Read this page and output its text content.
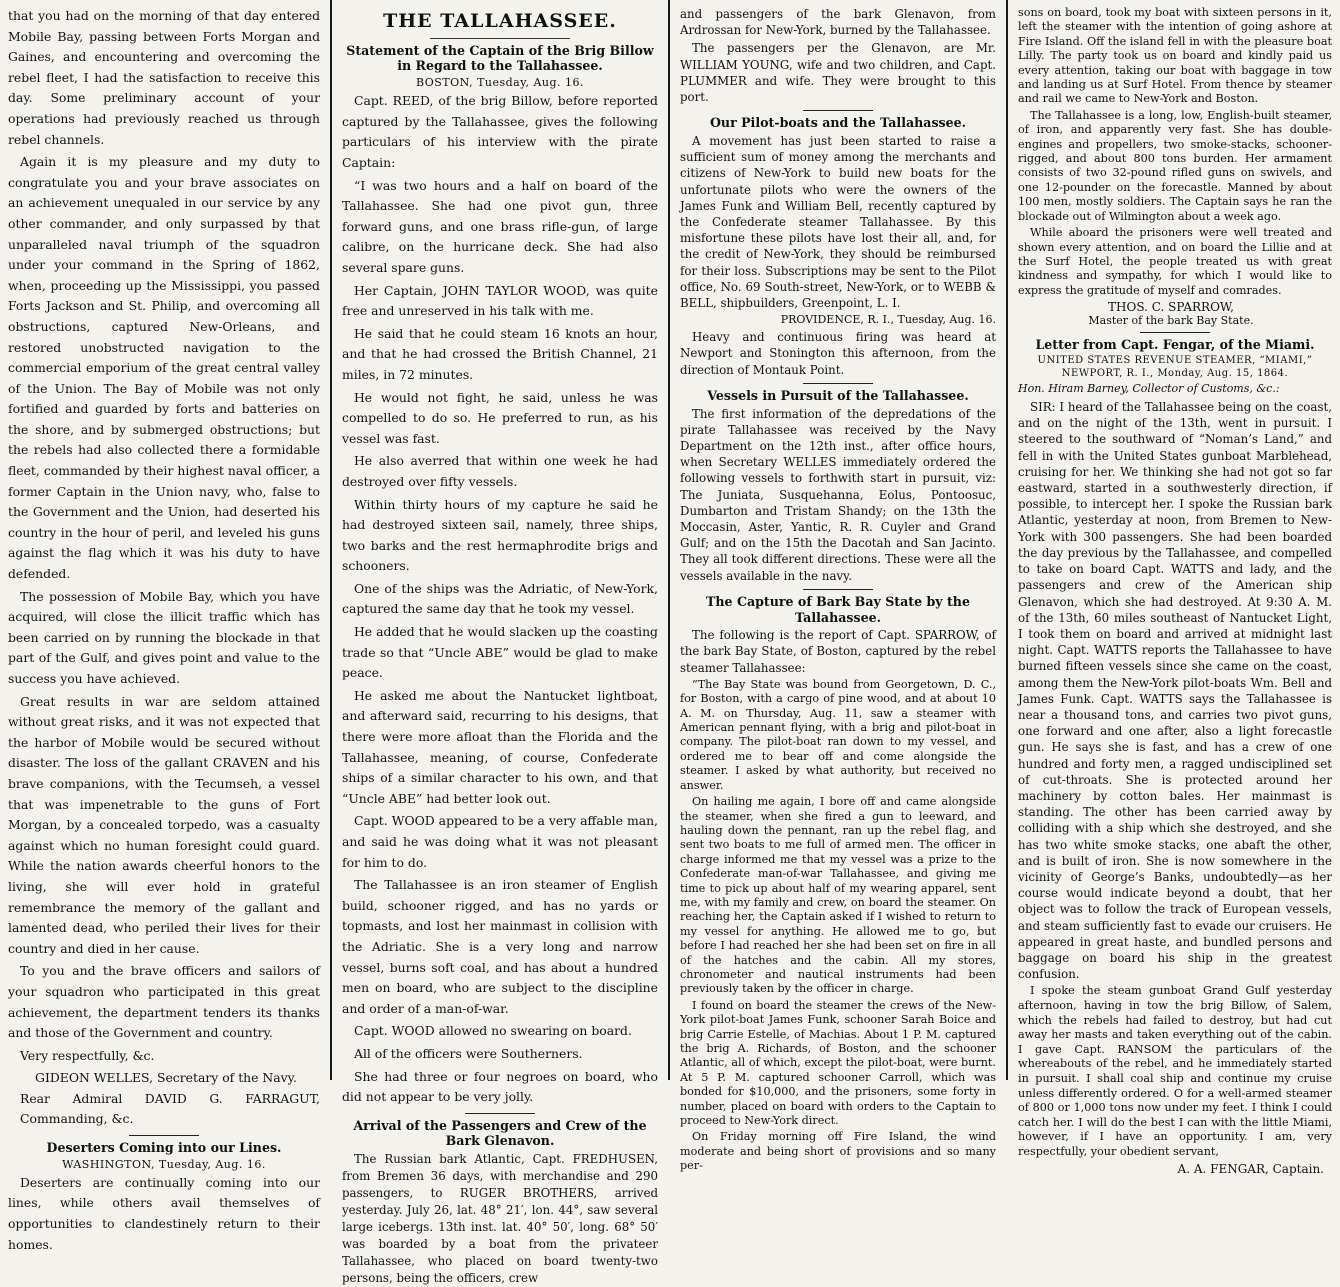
that you had on the morning of that day entered Mobile Bay, passing between Forts Morgan and Gaines, and encountering and overcoming the rebel fleet, I had the satisfaction to receive this day. Some preliminary account of your operations had previously reached us through rebel channels.

Again it is my pleasure and my duty to congratulate you and your brave associates on an achievement unequaled in our service by any other commander, and only surpassed by that unparalleled naval triumph of the squadron under your command in the Spring of 1862, when, proceeding up the Mississippi, you passed Forts Jackson and St. Philip, and overcoming all obstructions, captured New-Orleans, and restored unobstructed navigation to the commercial emporium of the great central valley of the Union. The Bay of Mobile was not only fortified and guarded by forts and batteries on the shore, and by submerged obstructions; but the rebels had also collected there a formidable fleet, commanded by their highest naval officer, a former Captain in the Union navy, who, false to the Government and the Union, had deserted his country in the hour of peril, and leveled his guns against the flag which it was his duty to have defended.

The possession of Mobile Bay, which you have acquired, will close the illicit traffic which has been carried on by running the blockade in that part of the Gulf, and gives point and value to the success you have achieved.

Great results in war are seldom attained without great risks, and it was not expected that the harbor of Mobile would be secured without disaster. The loss of the gallant CRAVEN and his brave companions, with the Tecumseh, a vessel that was impenetrable to the guns of Fort Morgan, by a concealed torpedo, was a casualty against which no human foresight could guard. While the nation awards cheerful honors to the living, she will ever hold in grateful remembrance the memory of the gallant and lamented dead, who periled their lives for their country and died in her cause.

To you and the brave officers and sailors of your squadron who participated in this great achievement, the department tenders its thanks and those of the Government and country.

Very respectfully, &c.

GIDEON WELLES, Secretary of the Navy.

Rear Admiral DAVID G. FARRAGUT, Commanding, &c.

Deserters Coming into our Lines.
WASHINGTON, Tuesday, Aug. 16.

Deserters are continually coming into our lines, while others avail themselves of opportunities to clandestinely return to their homes.

THE TALLAHASSEE.
Statement of the Captain of the Brig Billow in Regard to the Tallahassee.
BOSTON, Tuesday, Aug. 16.

Capt. REED, of the brig Billow, before reported captured by the Tallahassee, gives the following particulars of his interview with the pirate Captain:

“I was two hours and a half on board of the Tallahassee. She had one pivot gun, three forward guns, and one brass rifle-gun, of large calibre, on the hurricane deck. She had also several spare guns.

Her Captain, JOHN TAYLOR WOOD, was quite free and unreserved in his talk with me.

He said that he could steam 16 knots an hour, and that he had crossed the British Channel, 21 miles, in 72 minutes.

He would not fight, he said, unless he was compelled to do so. He preferred to run, as his vessel was fast.

He also averred that within one week he had destroyed over fifty vessels.

Within thirty hours of my capture he said he had destroyed sixteen sail, namely, three ships, two barks and the rest hermaphrodite brigs and schooners.

One of the ships was the Adriatic, of New-York, captured the same day that he took my vessel.

He added that he would slacken up the coasting trade so that “Uncle ABE” would be glad to make peace.

He asked me about the Nantucket lightboat, and afterward said, recurring to his designs, that there were more afloat than the Florida and the Tallahassee, meaning, of course, Confederate ships of a similar character to his own, and that “Uncle ABE” had better look out.

Capt. WOOD appeared to be a very affable man, and said he was doing what it was not pleasant for him to do.

The Tallahassee is an iron steamer of English build, schooner rigged, and has no yards or topmasts, and lost her mainmast in collision with the Adriatic. She is a very long and narrow vessel, burns soft coal, and has about a hundred men on board, who are subject to the discipline and order of a man-of-war.

Capt. WOOD allowed no swearing on board.

All of the officers were Southerners.

She had three or four negroes on board, who did not appear to be very jolly.

Arrival of the Passengers and Crew of the Bark Glenavon.

The Russian bark Atlantic, Capt. FREDHUSEN, from Bremen 36 days, with merchandise and 290 passengers, to RUGER BROTHERS, arrived yesterday. July 26, lat. 48° 21′, lon. 44°, saw several large icebergs. 13th inst. lat. 40° 50′, long. 68° 50′ was boarded by a boat from the privateer Tallahassee, who placed on board twenty-two persons, being the officers, crew

and passengers of the bark Glenavon, from Ardrossan for New-York, burned by the Tallahassee.

The passengers per the Glenavon, are Mr. WILLIAM YOUNG, wife and two children, and Capt. PLUMMER and wife. They were brought to this port.

Our Pilot-boats and the Tallahassee.

A movement has just been started to raise a sufficient sum of money among the merchants and citizens of New-York to build new boats for the unfortunate pilots who were the owners of the James Funk and William Bell, recently captured by the Confederate steamer Tallahassee. By this misfortune these pilots have lost their all, and, for the credit of New-York, they should be reimbursed for their loss. Subscriptions may be sent to the Pilot office, No. 69 South-street, New-York, or to WEBB & BELL, shipbuilders, Greenpoint, L. I.

PROVIDENCE, R. I., Tuesday, Aug. 16.

Heavy and continuous firing was heard at Newport and Stonington this afternoon, from the direction of Montauk Point.

Vessels in Pursuit of the Tallahassee.

The first information of the depredations of the pirate Tallahassee was received by the Navy Department on the 12th inst., after office hours, when Secretary WELLES immediately ordered the following vessels to forthwith start in pursuit, viz: The Juniata, Susquehanna, Eolus, Pontoosuc, Dumbarton and Tristam Shandy; on the 13th the Moccasin, Aster, Yantic, R. R. Cuyler and Grand Gulf; and on the 15th the Dacotah and San Jacinto. They all took different directions. These were all the vessels available in the navy.

The Capture of Bark Bay State by the Tallahassee.

The following is the report of Capt. SPARROW, of the bark Bay State, of Boston, captured by the rebel steamer Tallahassee:

“The Bay State was bound from Georgetown, D. C., for Boston, with a cargo of pine wood, and at about 10 A. M. on Thursday, Aug. 11, saw a steamer with American pennant flying, with a brig and pilot-boat in company. The pilot-boat ran down to my vessel, and ordered me to bear off and come alongside the steamer. I asked by what authority, but received no answer.

On hailing me again, I bore off and came alongside the steamer, when she fired a gun to leeward, and hauling down the pennant, ran up the rebel flag, and sent two boats to me full of armed men. The officer in charge informed me that my vessel was a prize to the Confederate man-of-war Tallahassee, and giving me time to pick up about half of my wearing apparel, sent me, with my family and crew, on board the steamer. On reaching her, the Captain asked if I wished to return to my vessel for anything. He allowed me to go, but before I had reached her she had been set on fire in all of the hatches and the cabin. All my stores, chronometer and nautical instruments had been previously taken by the officer in charge.

I found on board the steamer the crews of the New-York pilot-boat James Funk, schooner Sarah Boice and brig Carrie Estelle, of Machias. About 1 P. M. captured the brig A. Richards, of Boston, and the schooner Atlantic, all of which, except the pilot-boat, were burnt. At 5 P. M. captured schooner Carroll, which was bonded for $10,000, and the prisoners, some forty in number, placed on board with orders to the Captain to proceed to New-York direct.

On Friday morning off Fire Island, the wind moderate and being short of provisions and so many per-

sons on board, took my boat with sixteen persons in it, left the steamer with the intention of going ashore at Fire Island. Off the island fell in with the pleasure boat Lilly. The party took us on board and kindly paid us every attention, taking our boat with baggage in tow and landing us at Surf Hotel. From thence by steamer and rail we came to New-York and Boston.

The Tallahassee is a long, low, English-built steamer, of iron, and apparently very fast. She has double-engines and propellers, two smoke-stacks, schooner-rigged, and about 800 tons burden. Her armament consists of two 32-pound rifled guns on swivels, and one 12-pounder on the forecastle. Manned by about 100 men, mostly soldiers. The Captain says he ran the blockade out of Wilmington about a week ago.

While aboard the prisoners were well treated and shown every attention, and on board the Lillie and at the Surf Hotel, the people treated us with great kindness and sympathy, for which I would like to express the gratitude of myself and comrades.

THOS. C. SPARROW,
Master of the bark Bay State.
Letter from Capt. Fengar, of the Miami.
UNITED STATES REVENUE STEAMER, “MIAMI,”
NEWPORT, R. I., Monday, Aug. 15, 1864.

Hon. Hiram Barney, Collector of Customs, &c.:

SIR: I heard of the Tallahassee being on the coast, and on the night of the 13th, went in pursuit. I steered to the southward of “Noman’s Land,” and fell in with the United States gunboat Marblehead, cruising for her. We thinking she had not got so far eastward, started in a southwesterly direction, if possible, to intercept her. I spoke the Russian bark Atlantic, yesterday at noon, from Bremen to New-York with 300 passengers. She had been boarded the day previous by the Tallahassee, and compelled to take on board Capt. WATTS and lady, and the passengers and crew of the American ship Glenavon, which she had destroyed. At 9:30 A. M. of the 13th, 60 miles southeast of Nantucket Light, I took them on board and arrived at midnight last night. Capt. WATTS reports the Tallahassee to have burned fifteen vessels since she came on the coast, among them the New-York pilot-boats Wm. Bell and James Funk. Capt. WATTS says the Tallahassee is near a thousand tons, and carries two pivot guns, one forward and one after, also a light forecastle gun. He says she is fast, and has a crew of one hundred and forty men, a ragged undisciplined set of cut-throats. She is protected around her machinery by cotton bales. Her mainmast is standing. The other has been carried away by colliding with a ship which she destroyed, and she has two white smoke stacks, one abaft the other, and is built of iron. She is now somewhere in the vicinity of George’s Banks, undoubtedly—as her course would indicate beyond a doubt, that her object was to follow the track of European vessels, and steam sufficiently fast to evade our cruisers. He appeared in great haste, and bundled persons and baggage on board his ship in the greatest confusion.

I spoke the steam gunboat Grand Gulf yesterday afternoon, having in tow the brig Billow, of Salem, which the rebels had failed to destroy, but had cut away her masts and taken everything out of the cabin. I gave Capt. RANSOM the particulars of the whereabouts of the rebel, and he immediately started in pursuit. I shall coal ship and continue my cruise unless differently ordered. O for a well-armed steamer of 800 or 1,000 tons now under my feet. I think I could catch her. I will do the best I can with the little Miami, however, if I have an opportunity. I am, very respectfully, your obedient servant,

A. A. FENGAR, Captain.
